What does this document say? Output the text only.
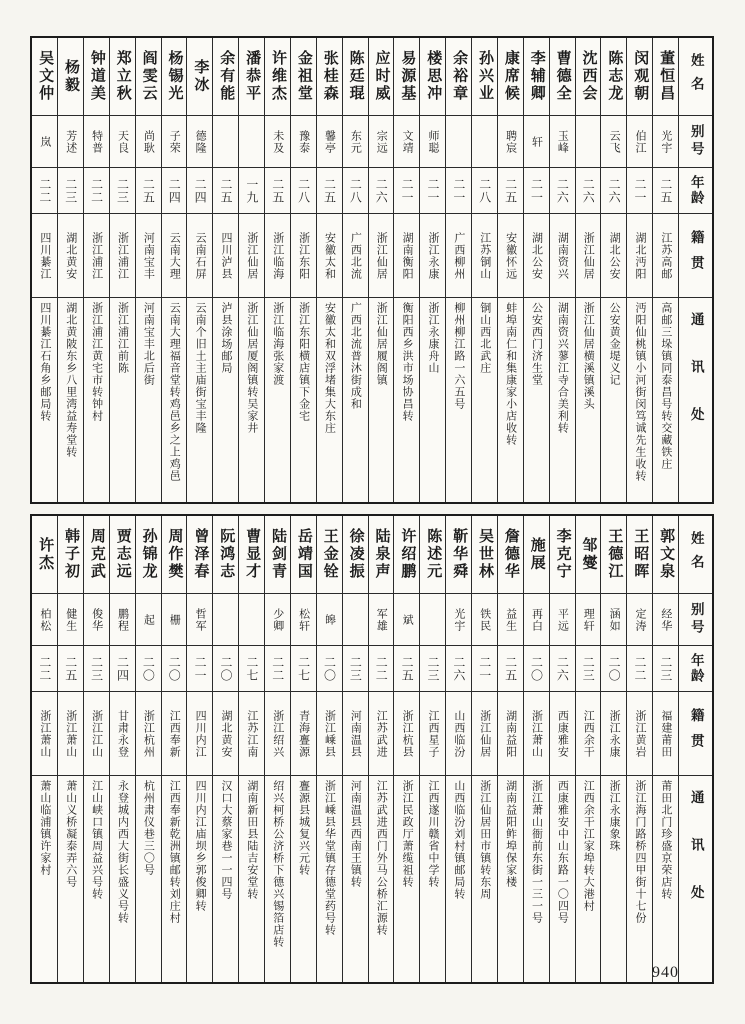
姓名
别号
年龄
籍贯
通讯处
董恒昌
光宇
二五
江苏高邮
高邮三垛镇同泰昌号转交藏铁庄
闵观朝
伯江
二一
湖北沔阳
沔阳仙桃镇小河街闵笃诚先生收转
陈志龙
云飞
二六
湖北公安
公安黄金堤义记
沈西会
二六
浙江仙居
浙江仙居横溪镇溪头
曹德全
玉峰
二六
湖南资兴
湖南资兴蓼江寺合美利转
李辅卿
轩
二一
湖北公安
公安西门济生堂
康席候
聘宸
二五
安徽怀远
蚌埠南仁和集康家小店收转
孙兴业
二八
江苏铜山
铜山西北武庄
余裕章
二一
广西柳州
柳州柳江路一六五号
楼思冲
师聪
二一
浙江永康
浙江永康舟山
易源基
文靖
二一
湖南衡阳
衡阳西乡洪市场协昌转
应时威
宗远
二六
浙江仙居
浙江仙居履阁镇
陈廷琨
东元
二八
广西北流
广西北流普沐街成和
张桂森
馨亭
二五
安徽太和
安徽太和双浮堵集大东庄
金祖堂
豫泰
二八
浙江东阳
浙江东阳横店镇下金宅
许维杰
未及
二五
浙江临海
浙江临海张家渡
潘恭平
一九
浙江仙居
浙江仙居厦阁镇转吴家井
余有能
二五
四川泸县
泸县涂场邮局
李冰
德隆
二四
云南石屏
云南个旧土主庙街宝丰隆
杨锡光
子荣
二四
云南大理
云南大理福音堂转鸡邑乡之上鸡邑
阎雯云
尚耿
二五
河南宝丰
河南宝丰北后街
郑立秋
天良
二三
浙江浦江
浙江浦江前陈
钟道美
特普
二二
浙江浦江
浙江浦江黄宅市转钟村
杨毅
芳述
二三
湖北黄安
湖北黄陂东乡八里湾益寿堂转
吴文仲
岚
二二
四川綦江
四川綦江石角乡邮局转
姓名
别号
年龄
籍贯
通讯处
郭文泉
经华
二三
福建莆田
莆田北门珍盛京荣店转
王昭晖
定涛
二二
浙江黄岩
浙江海门路桥四甲街十七份
王德江
涵如
二〇
浙江永康
浙江永康象珠
邹燮
理轩
二三
江西余干
江西余干江家埠转大港村
李克宁
平远
二六
西康雅安
西康雅安中山东路一〇四号
施展
再白
二〇
浙江萧山
浙江萧山衙前东街一三一号
詹德华
益生
二五
湖南益阳
湖南益阳鲊埠保家楼
吴世林
铁民
二一
浙江仙居
浙江仙居田市镇转东周
靳华舜
光宇
二六
山西临汾
山西临汾刘村镇邮局转
陈述元
二三
江西星子
江西遂川赣省中学转
许绍鹏
斌
二五
浙江杭县
浙江民政厅萧缆祖转
陆泉声
军雄
二二
江苏武进
江苏武进西门外马公桥汇源转
徐凌振
二三
河南温县
河南温县西南王镇转
王金铨
皞
二〇
浙江嵊县
浙江嵊县华堂镇存德堂药号转
岳靖国
松轩
二七
青海亹源
亹源县城复兴元转
陆剑青
少卿
二二
浙江绍兴
绍兴柯桥公济桥下德兴锡箔店转
曹显才
二七
江苏江南
湖南新田县陆吉安堂转
阮鸿志
二〇
湖北黄安
汉口大蔡家巷一一四号
曾泽春
哲军
二一
四川内江
四川内江庙坝乡郭俊卿转
周作樊
栅
二〇
江西奉新
江西奉新乾洲镇邮转刘庄村
孙锦龙
起
二〇
浙江杭州
杭州肃仪巷三〇号
贾志远
鹏程
二四
甘肃永登
永登城内西大街长盛义号转
周克武
俊华
二三
浙江江山
江山峡口镇周益兴号转
韩子初
健生
二五
浙江萧山
萧山义桥凝泰弄六号
许杰
柏松
二二
浙江萧山
萧山临浦镇许家村
940
